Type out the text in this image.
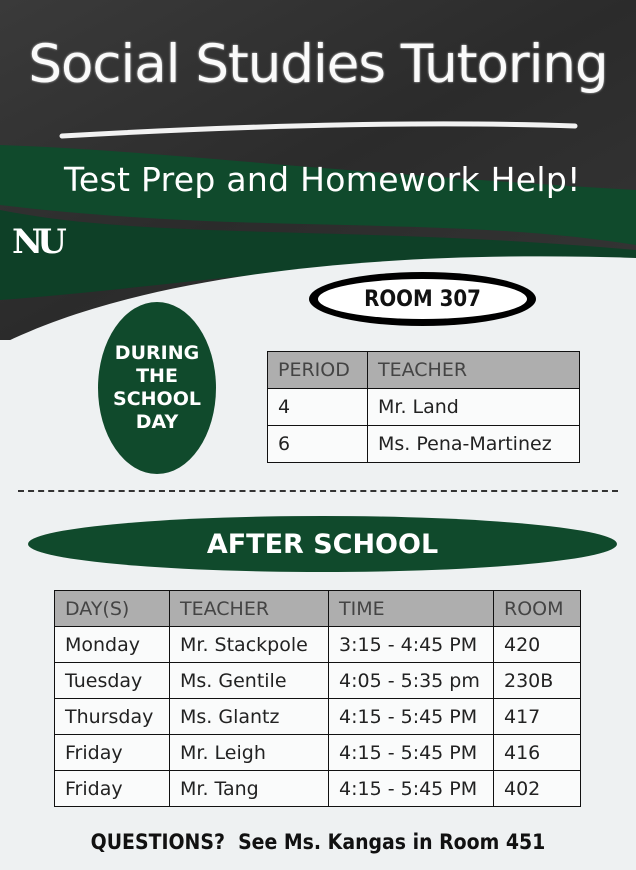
Social Studies Tutoring
Test Prep and Homework Help!
NU
ROOM 307
DURING
THE
SCHOOL
DAY
PERIOD	TEACHER
4	Mr. Land
6	Ms. Pena-Martinez
AFTER SCHOOL
DAY(S)	TEACHER	TIME	ROOM
Monday	Mr. Stackpole	3:15 - 4:45 PM	420
Tuesday	Ms. Gentile	4:05 - 5:35 pm	230B
Thursday	Ms. Glantz	4:15 - 5:45 PM	417
Friday	Mr. Leigh	4:15 - 5:45 PM	416
Friday	Mr. Tang	4:15 - 5:45 PM	402
QUESTIONS?  See Ms. Kangas in Room 451
